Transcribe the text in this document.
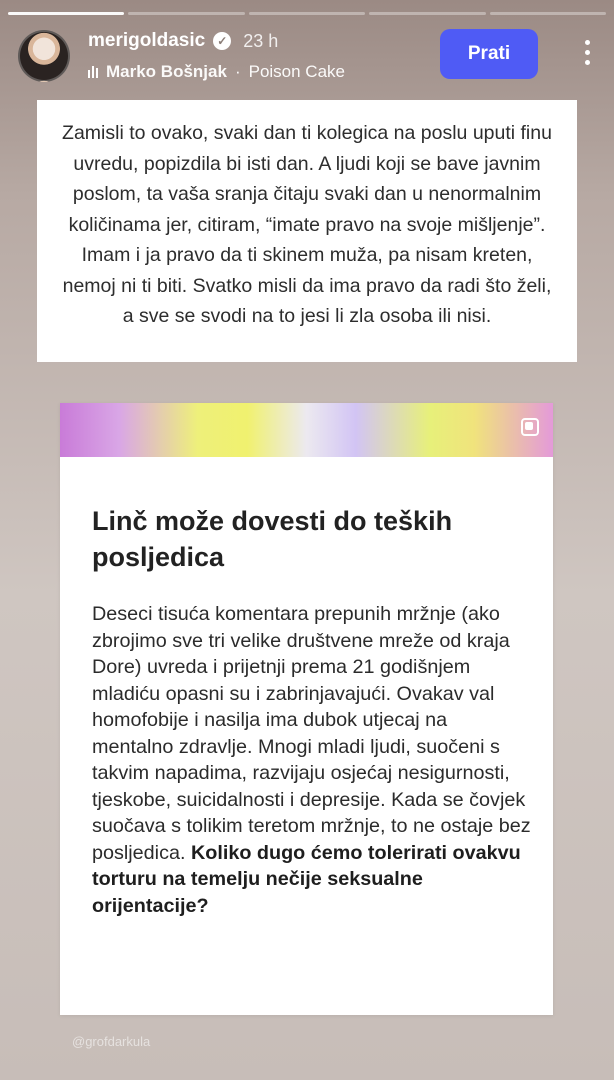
merigoldasic ✓ 23 h
Marko Bošnjak · Poison Cake
Prati

Zamisli to ovako, svaki dan ti kolegica na poslu uputi finu uvredu, popizdila bi isti dan. A ljudi koji se bave javnim poslom, ta vaša sranja čitaju svaki dan u nenormalnim količinama jer, citiram, “imate pravo na svoje mišljenje”. Imam i ja pravo da ti skinem muža, pa nisam kreten, nemoj ni ti biti. Svatko misli da ima pravo da radi što želi, a sve se svodi na to jesi li zla osoba ili nisi.

Linč može dovesti do teških posljedica

Deseci tisuća komentara prepunih mržnje (ako zbrojimo sve tri velike društvene mreže od kraja Dore) uvreda i prijetnji prema 21 godišnjem mladiću opasni su i zabrinjavajući. Ovakav val homofobije i nasilja ima dubok utjecaj na mentalno zdravlje. Mnogi mladi ljudi, suočeni s takvim napadima, razvijaju osjećaj nesigurnosti, tjeskobe, suicidalnosti i depresije. Kada se čovjek suočava s tolikim teretom mržnje, to ne ostaje bez posljedica. Koliko dugo ćemo tolerirati ovakvu torturu na temelju nečije seksualne orijentacije?

@grofdarkula
